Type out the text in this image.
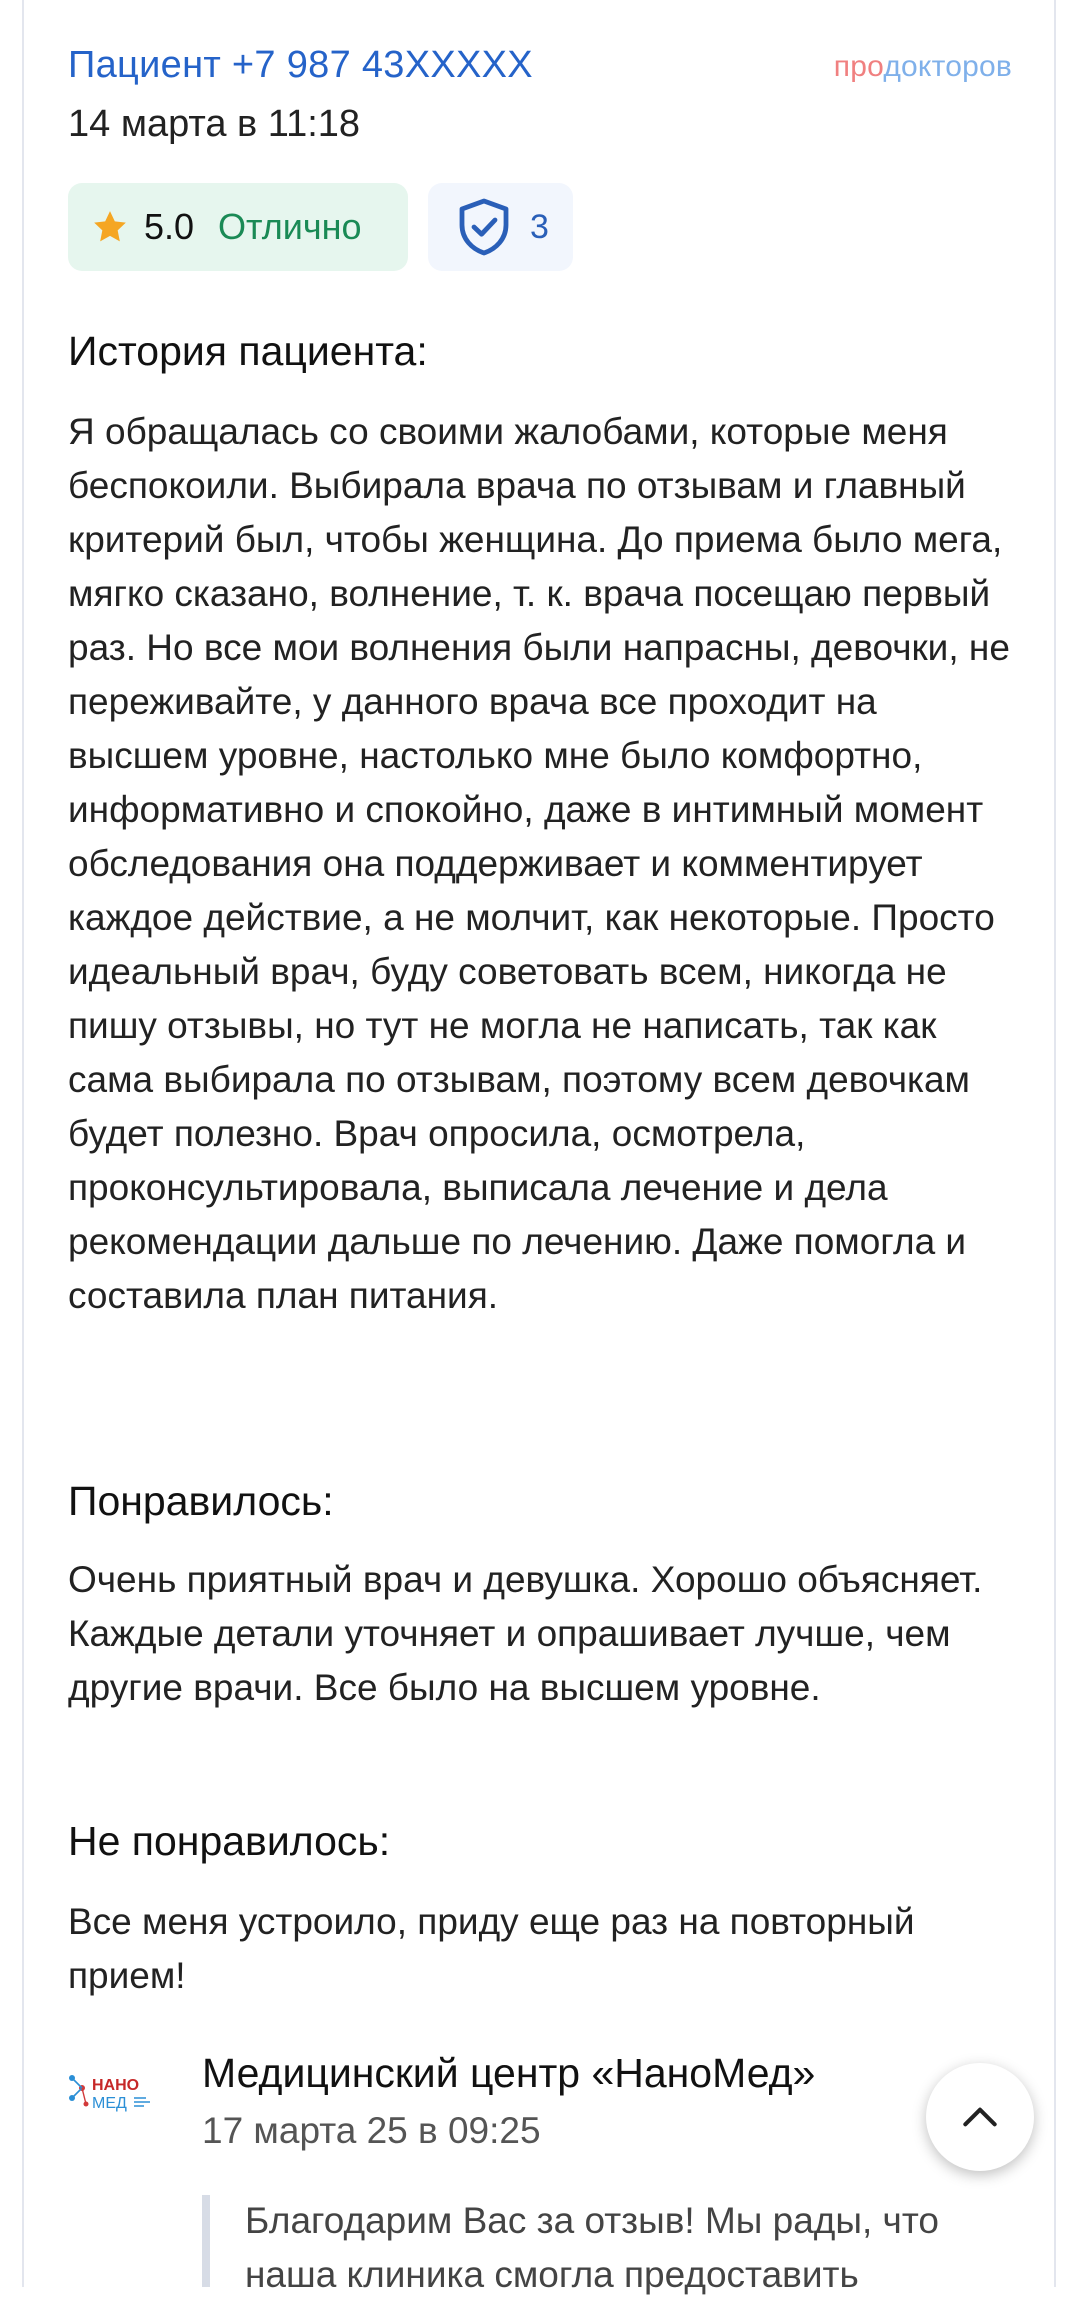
Пациент +7 987 43XXXXX
14 марта в 11:18
продокторов
5.0 Отлично	3
История пациента:

Я обращалась со своими жалобами, которые меня беспокоили. Выбирала врача по отзывам и главный критерий был, чтобы женщина. До приема было мега, мягко сказано, волнение, т. к. врача посещаю первый раз. Но все мои волнения были напрасны, девочки, не переживайте, у данного врача все проходит на высшем уровне, настолько мне было комфортно, информативно и спокойно, даже в интимный момент обследования она поддерживает и комментирует каждое действие, а не молчит, как некоторые. Просто идеальный врач, буду советовать всем, никогда не пишу отзывы, но тут не могла не написать, так как сама выбирала по отзывам, поэтому всем девочкам будет полезно. Врач опросила, осмотрела, проконсультировала, выписала лечение и дела рекомендации дальше по лечению. Даже помогла и составила план питания.

Понравилось:

Очень приятный врач и девушка. Хорошо объясняет. Каждые детали уточняет и опрашивает лучше, чем другие врачи. Все было на высшем уровне.

Не понравилось:

Все меня устроило, приду еще раз на повторный прием!

НАНО
МЕД
Медицинский центр «НаноМед»
17 марта 25 в 09:25

Благодарим Вас за отзыв! Мы рады, что наша клиника смогла предоставить
